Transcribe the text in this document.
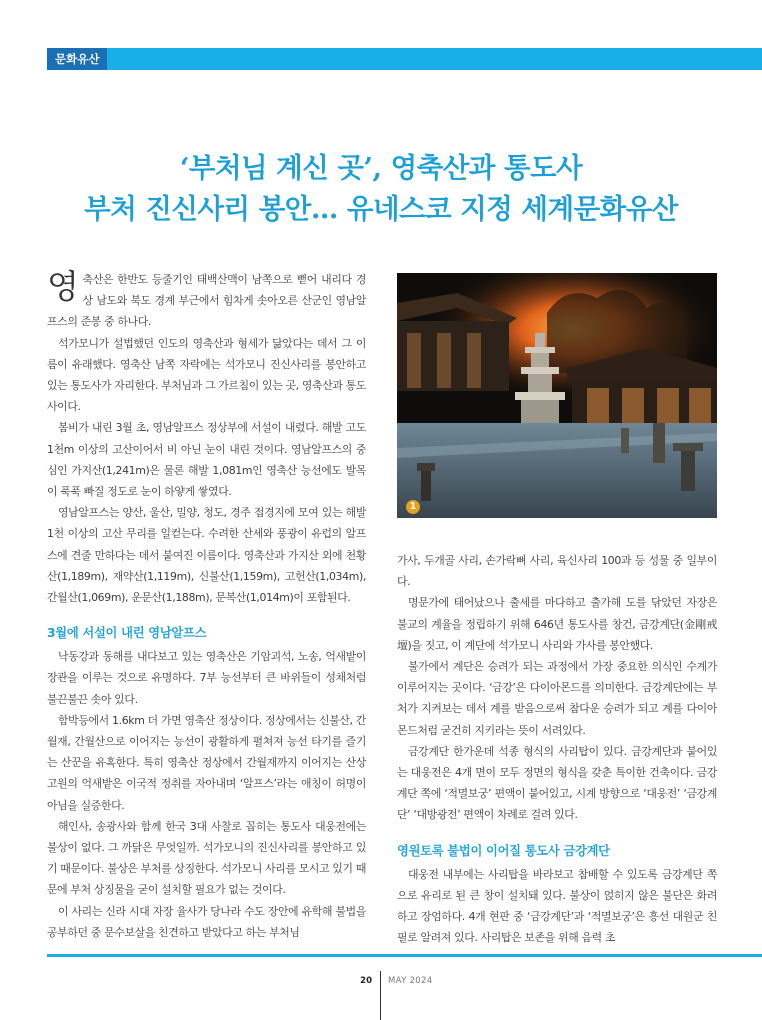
문화유산
‘부처님 계신 곳’, 영축산과 통도사
부처 진신사리 봉안… 유네스코 지정 세계문화유산

영축산은 한반도 등줄기인 태백산맥이 남쪽으로 뻗어 내리다 경상 남도와 북도 경계 부근에서 힘차게 솟아오른 산군인 영남알프스의 준봉 중 하나다.

석가모니가 설법했던 인도의 영축산과 형세가 닮았다는 데서 그 이름이 유래했다. 영축산 남쪽 자락에는 석가모니 진신사리를 봉안하고 있는 통도사가 자리한다. 부처님과 그 가르침이 있는 곳, 영축산과 통도사이다.

봄비가 내린 3월 초, 영남알프스 정상부에 서설이 내렸다. 해발 고도 1천m 이상의 고산이어서 비 아닌 눈이 내린 것이다. 영남알프스의 중심인 가지산(1,241m)은 물론 해발 1,081m인 영축산 능선에도 발목이 푹푹 빠질 정도로 눈이 하얗게 쌓였다.

영남알프스는 양산, 울산, 밀양, 청도, 경주 접경지에 모여 있는 해발 1천 이상의 고산 무리를 일컫는다. 수려한 산세와 풍광이 유럽의 알프스에 견줄 만하다는 데서 붙여진 이름이다. 영축산과 가지산 외에 천황산(1,189m), 재약산(1,119m), 신불산(1,159m), 고헌산(1,034m), 간월산(1,069m), 운문산(1,188m), 문복산(1,014m)이 포함된다.

3월에 서설이 내린 영남알프스

낙동강과 동해를 내다보고 있는 영축산은 기암괴석, 노송, 억새밭이 장관을 이루는 것으로 유명하다. 7부 능선부터 큰 바위들이 성채처럼 불끈불끈 솟아 있다.

함박등에서 1.6km 더 가면 영축산 정상이다. 정상에서는 신불산, 간월재, 간월산으로 이어지는 능선이 광활하게 펼쳐져 능선 타기를 즐기는 산꾼을 유혹한다. 특히 영축산 정상에서 간월재까지 이어지는 산상 고원의 억새밭은 이국적 정취를 자아내며 ‘알프스’라는 애칭이 허명이 아님을 실증한다.

해인사, 송광사와 함께 한국 3대 사찰로 꼽히는 통도사 대웅전에는 불상이 없다. 그 까닭은 무엇일까. 석가모니의 진신사리를 봉안하고 있기 때문이다. 불상은 부처를 상징한다. 석가모니 사리를 모시고 있기 때문에 부처 상징물을 굳이 설치할 필요가 없는 것이다.

이 사리는 신라 시대 자장 율사가 당나라 수도 장안에 유학해 불법을 공부하던 중 문수보살을 친견하고 받았다고 하는 부처님

1

가사, 두개골 사리, 손가락뼈 사리, 육신사리 100과 등 성물 중 일부이다.

명문가에 태어났으나 출세를 마다하고 출가해 도를 닦았던 자장은 불교의 계율을 정립하기 위해 646년 통도사를 창건, 금강계단(金剛戒壇)을 짓고, 이 계단에 석가모니 사리와 가사를 봉안했다.

불가에서 계단은 승려가 되는 과정에서 가장 중요한 의식인 수계가 이루어지는 곳이다. ‘금강’은 다이아몬드를 의미한다. 금강계단에는 부처가 지켜보는 데서 계를 받음으로써 참다운 승려가 되고 계를 다이아몬드처럼 굳건히 지키라는 뜻이 서려있다.

금강계단 한가운데 석종 형식의 사리탑이 있다. 금강계단과 붙어있는 대웅전은 4개 면이 모두 정면의 형식을 갖춘 특이한 건축이다. 금강계단 쪽에 ‘적멸보궁’ 편액이 붙어있고, 시계 방향으로 ‘대웅전’ ‘금강계단’ ‘대방광전’ 편액이 차례로 걸려 있다.

영원토록 불법이 이어질 통도사 금강계단

대웅전 내부에는 사리탑을 바라보고 참배할 수 있도록 금강계단 쪽으로 유리로 된 큰 창이 설치돼 있다. 불상이 얹히지 않은 불단은 화려하고 장엄하다. 4개 현판 중 ‘금강계단’과 ‘적멸보궁’은 흥선 대원군 친필로 알려져 있다. 사리탑은 보존을 위해 음력 초

20 MAY 2024
